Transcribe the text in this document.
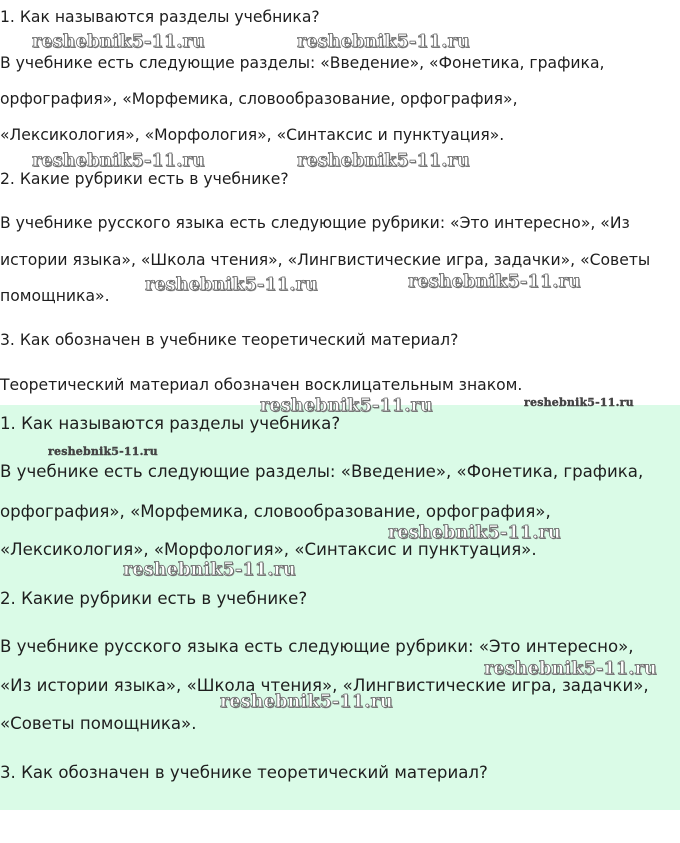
1. Как называются разделы учебника?

В учебнике есть следующие разделы: «Введение», «Фонетика, графика,

орфография», «Морфемика, словообразование, орфография»,

«Лексикология», «Морфология», «Синтаксис и пунктуация».

2. Какие рубрики есть в учебнике?

В учебнике русского языка есть следующие рубрики: «Это интересно», «Из

истории языка», «Школа чтения», «Лингвистические игра, задачки», «Советы

помощника».

3. Как обозначен в учебнике теоретический материал?

Теоретический материал обозначен восклицательным знаком.

1. Как называются разделы учебника?

В учебнике есть следующие разделы: «Введение», «Фонетика, графика,

орфография», «Морфемика, словообразование, орфография»,

«Лексикология», «Морфология», «Синтаксис и пунктуация».

2. Какие рубрики есть в учебнике?

В учебнике русского языка есть следующие рубрики: «Это интересно»,

«Из истории языка», «Школа чтения», «Лингвистические игра, задачки»,

«Советы помощника».

3. Как обозначен в учебнике теоретический материал?

reshebnik5-11.ru	reshebnik5-11.ru
reshebnik5-11.ru	reshebnik5-11.ru
reshebnik5-11.ru	reshebnik5-11.ru
reshebnik5-11.ru	reshebnik5-11.ru
reshebnik5-11.ru
reshebnik5-11.ru
reshebnik5-11.ru
reshebnik5-11.ru
reshebnik5-11.ru
